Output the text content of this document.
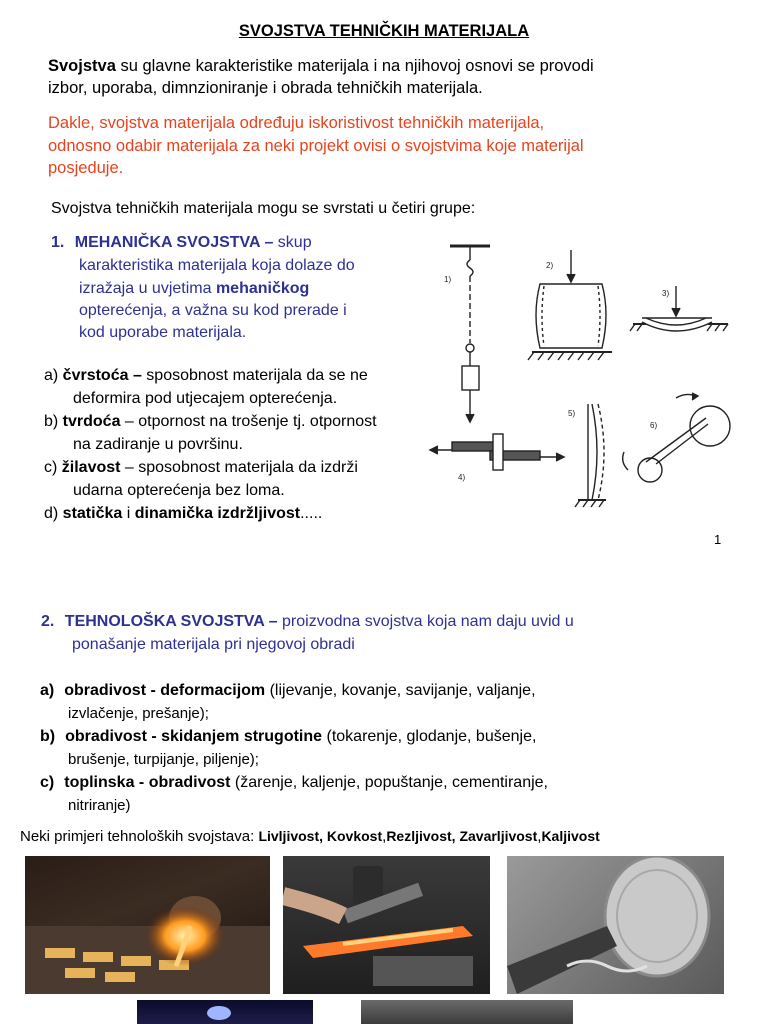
SVOJSTVA TEHNIČKIH MATERIJALA
Svojstva su glavne karakteristike materijala i na njihovoj osnovi se provodi
izbor, uporaba, dimnzioniranje i obrada tehničkih materijala.
Dakle, svojstva materijala određuju iskoristivost tehničkih materijala,
odnosno odabir materijala za neki projekt ovisi o svojstvima koje materijal
posjeduje.
Svojstva tehničkih materijala mogu se svrstati u četiri grupe:
1. MEHANIČKA SVOJSTVA – skup
karakteristika materijala koja dolaze do
izražaja u uvjetima mehaničkog
opterećenja, a važna su kod prerade i
kod uporabe materijala.
a) čvrstoća – sposobnost materijala da se ne
deformira pod utjecajem opterećenja.
b) tvrdoća – otpornost na trošenje tj. otpornost
na zadiranje u površinu.
c) žilavost – sposobnost materijala da izdrži
udarna opterećenja bez loma.
d) statička i dinamička izdržljivost.....
1)
2)
3)
4)
5)
6)
1
2. TEHNOLOŠKA SVOJSTVA – proizvodna svojstva koja nam daju uvid u
ponašanje materijala pri njegovoj obradi
a) obradivost - deformacijom (lijevanje, kovanje, savijanje, valjanje,
izvlačenje, prešanje);
b) obradivost - skidanjem strugotine (tokarenje, glodanje, bušenje,
brušenje, turpijanje, piljenje);
c) toplinska - obradivost (žarenje, kaljenje, popuštanje, cementiranje,
nitriranje)
Neki primjeri tehnoloških svojstava: Livljivost, Kovkost,Rezljivost, Zavarljivost,Kaljivost
